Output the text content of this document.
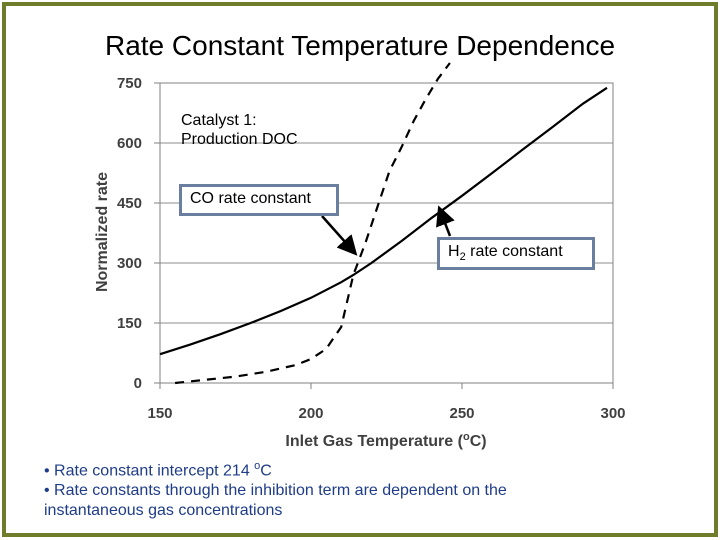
Rate Constant Temperature Dependence
0
150
300
450
600
750
150	200	250	300
Inlet Gas Temperature ($^o$C)
Normalized rate
Catalyst 1:
Production DOC
CO rate constant
$H_2$ rate constant
• Rate constant intercept 214 $^o$C
• Rate constants through the inhibition term are dependent on the
instantaneous gas concentrations
